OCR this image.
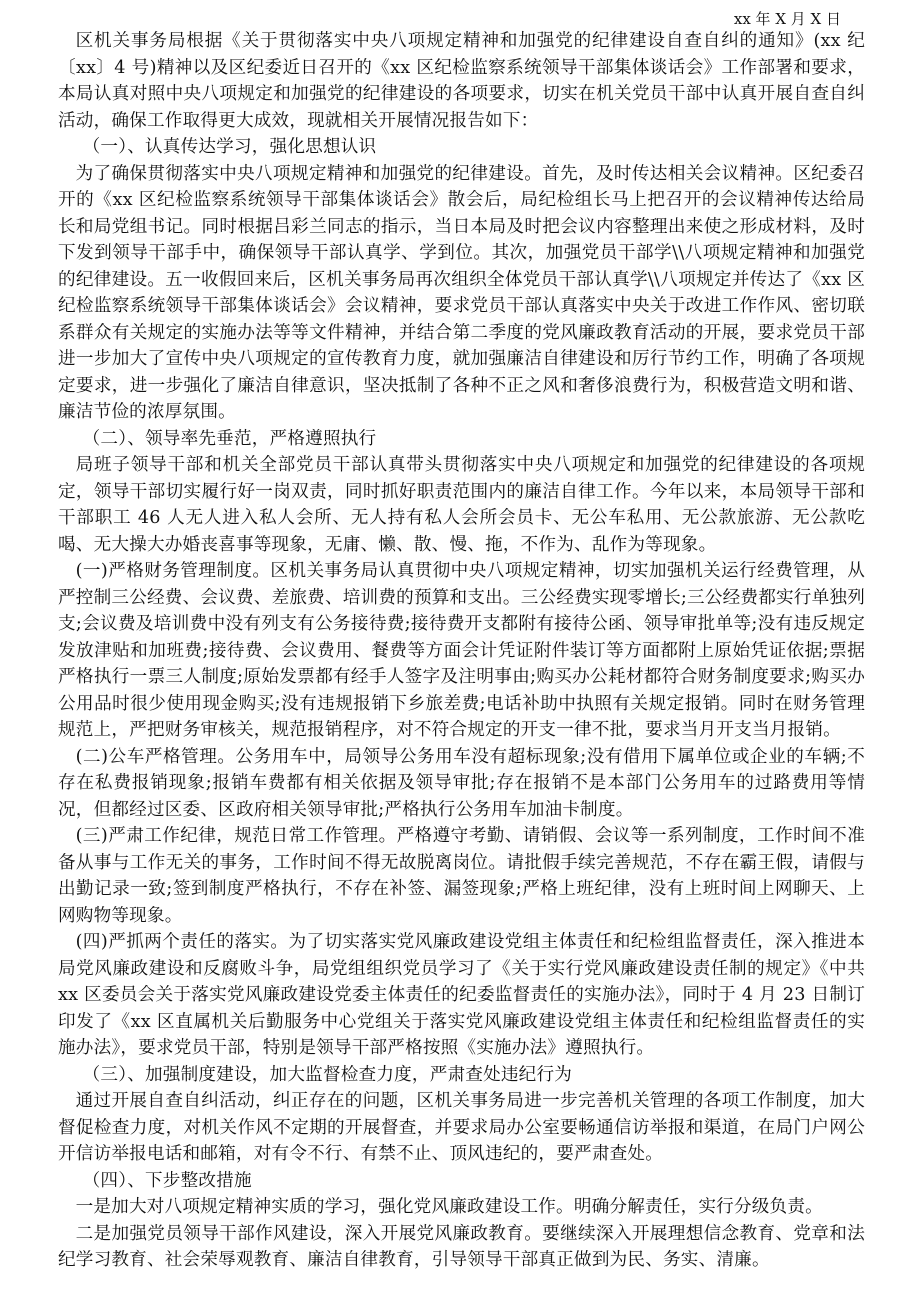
xx 年 X 月 X 日

区机关事务局根据《关于贯彻落实中央八项规定精神和加强党的纪律建设自查自纠的通知》(xx 纪〔xx〕4 号)精神以及区纪委近日召开的《xx 区纪检监察系统领导干部集体谈话会》工作部署和要求，本局认真对照中央八项规定和加强党的纪律建设的各项要求，切实在机关党员干部中认真开展自查自纠活动，确保工作取得更大成效，现就相关开展情况报告如下：

（一）、认真传达学习，强化思想认识

为了确保贯彻落实中央八项规定精神和加强党的纪律建设。首先，及时传达相关会议精神。区纪委召开的《xx 区纪检监察系统领导干部集体谈话会》散会后，局纪检组长马上把召开的会议精神传达给局长和局党组书记。同时根据吕彩兰同志的指示，当日本局及时把会议内容整理出来使之形成材料，及时下发到领导干部手中，确保领导干部认真学、学到位。其次，加强党员干部学\\八项规定精神和加强党的纪律建设。五一收假回来后，区机关事务局再次组织全体党员干部认真学\\八项规定并传达了《xx 区纪检监察系统领导干部集体谈话会》会议精神，要求党员干部认真落实中央关于改进工作作风、密切联系群众有关规定的实施办法等等文件精神，并结合第二季度的党风廉政教育活动的开展，要求党员干部进一步加大了宣传中央八项规定的宣传教育力度，就加强廉洁自律建设和厉行节约工作，明确了各项规定要求，进一步强化了廉洁自律意识，坚决抵制了各种不正之风和奢侈浪费行为，积极营造文明和谐、廉洁节俭的浓厚氛围。

（二）、领导率先垂范，严格遵照执行

局班子领导干部和机关全部党员干部认真带头贯彻落实中央八项规定和加强党的纪律建设的各项规定，领导干部切实履行好一岗双责，同时抓好职责范围内的廉洁自律工作。今年以来，本局领导干部和干部职工 46 人无人进入私人会所、无人持有私人会所会员卡、无公车私用、无公款旅游、无公款吃喝、无大操大办婚丧喜事等现象，无庸、懒、散、慢、拖，不作为、乱作为等现象。

(一)严格财务管理制度。区机关事务局认真贯彻中央八项规定精神，切实加强机关运行经费管理，从严控制三公经费、会议费、差旅费、培训费的预算和支出。三公经费实现零增长;三公经费都实行单独列支;会议费及培训费中没有列支有公务接待费;接待费开支都附有接待公函、领导审批单等;没有违反规定发放津贴和加班费;接待费、会议费用、餐费等方面会计凭证附件装订等方面都附上原始凭证依据;票据严格执行一票三人制度;原始发票都有经手人签字及注明事由;购买办公耗材都符合财务制度要求;购买办公用品时很少使用现金购买;没有违规报销下乡旅差费;电话补助中执照有关规定报销。同时在财务管理规范上，严把财务审核关，规范报销程序，对不符合规定的开支一律不批，要求当月开支当月报销。

(二)公车严格管理。公务用车中，局领导公务用车没有超标现象;没有借用下属单位或企业的车辆;不存在私费报销现象;报销车费都有相关依据及领导审批;存在报销不是本部门公务用车的过路费用等情况，但都经过区委、区政府相关领导审批;严格执行公务用车加油卡制度。

(三)严肃工作纪律，规范日常工作管理。严格遵守考勤、请销假、会议等一系列制度，工作时间不准备从事与工作无关的事务，工作时间不得无故脱离岗位。请批假手续完善规范，不存在霸王假，请假与出勤记录一致;签到制度严格执行，不存在补签、漏签现象;严格上班纪律，没有上班时间上网聊天、上网购物等现象。

(四)严抓两个责任的落实。为了切实落实党风廉政建设党组主体责任和纪检组监督责任，深入推进本局党风廉政建设和反腐败斗争，局党组组织党员学习了《关于实行党风廉政建设责任制的规定》《中共 xx 区委员会关于落实党风廉政建设党委主体责任的纪委监督责任的实施办法》，同时于 4 月 23 日制订印发了《xx 区直属机关后勤服务中心党组关于落实党风廉政建设党组主体责任和纪检组监督责任的实施办法》，要求党员干部，特别是领导干部严格按照《实施办法》遵照执行。

（三）、加强制度建设，加大监督检查力度，严肃查处违纪行为

通过开展自查自纠活动，纠正存在的问题，区机关事务局进一步完善机关管理的各项工作制度，加大督促检查力度，对机关作风不定期的开展督查，并要求局办公室要畅通信访举报和渠道，在局门户网公开信访举报电话和邮箱，对有令不行、有禁不止、顶风违纪的，要严肃查处。

（四）、下步整改措施

一是加大对八项规定精神实质的学习，强化党风廉政建设工作。明确分解责任，实行分级负责。

二是加强党员领导干部作风建设，深入开展党风廉政教育。要继续深入开展理想信念教育、党章和法纪学习教育、社会荣辱观教育、廉洁自律教育，引导领导干部真正做到为民、务实、清廉。
